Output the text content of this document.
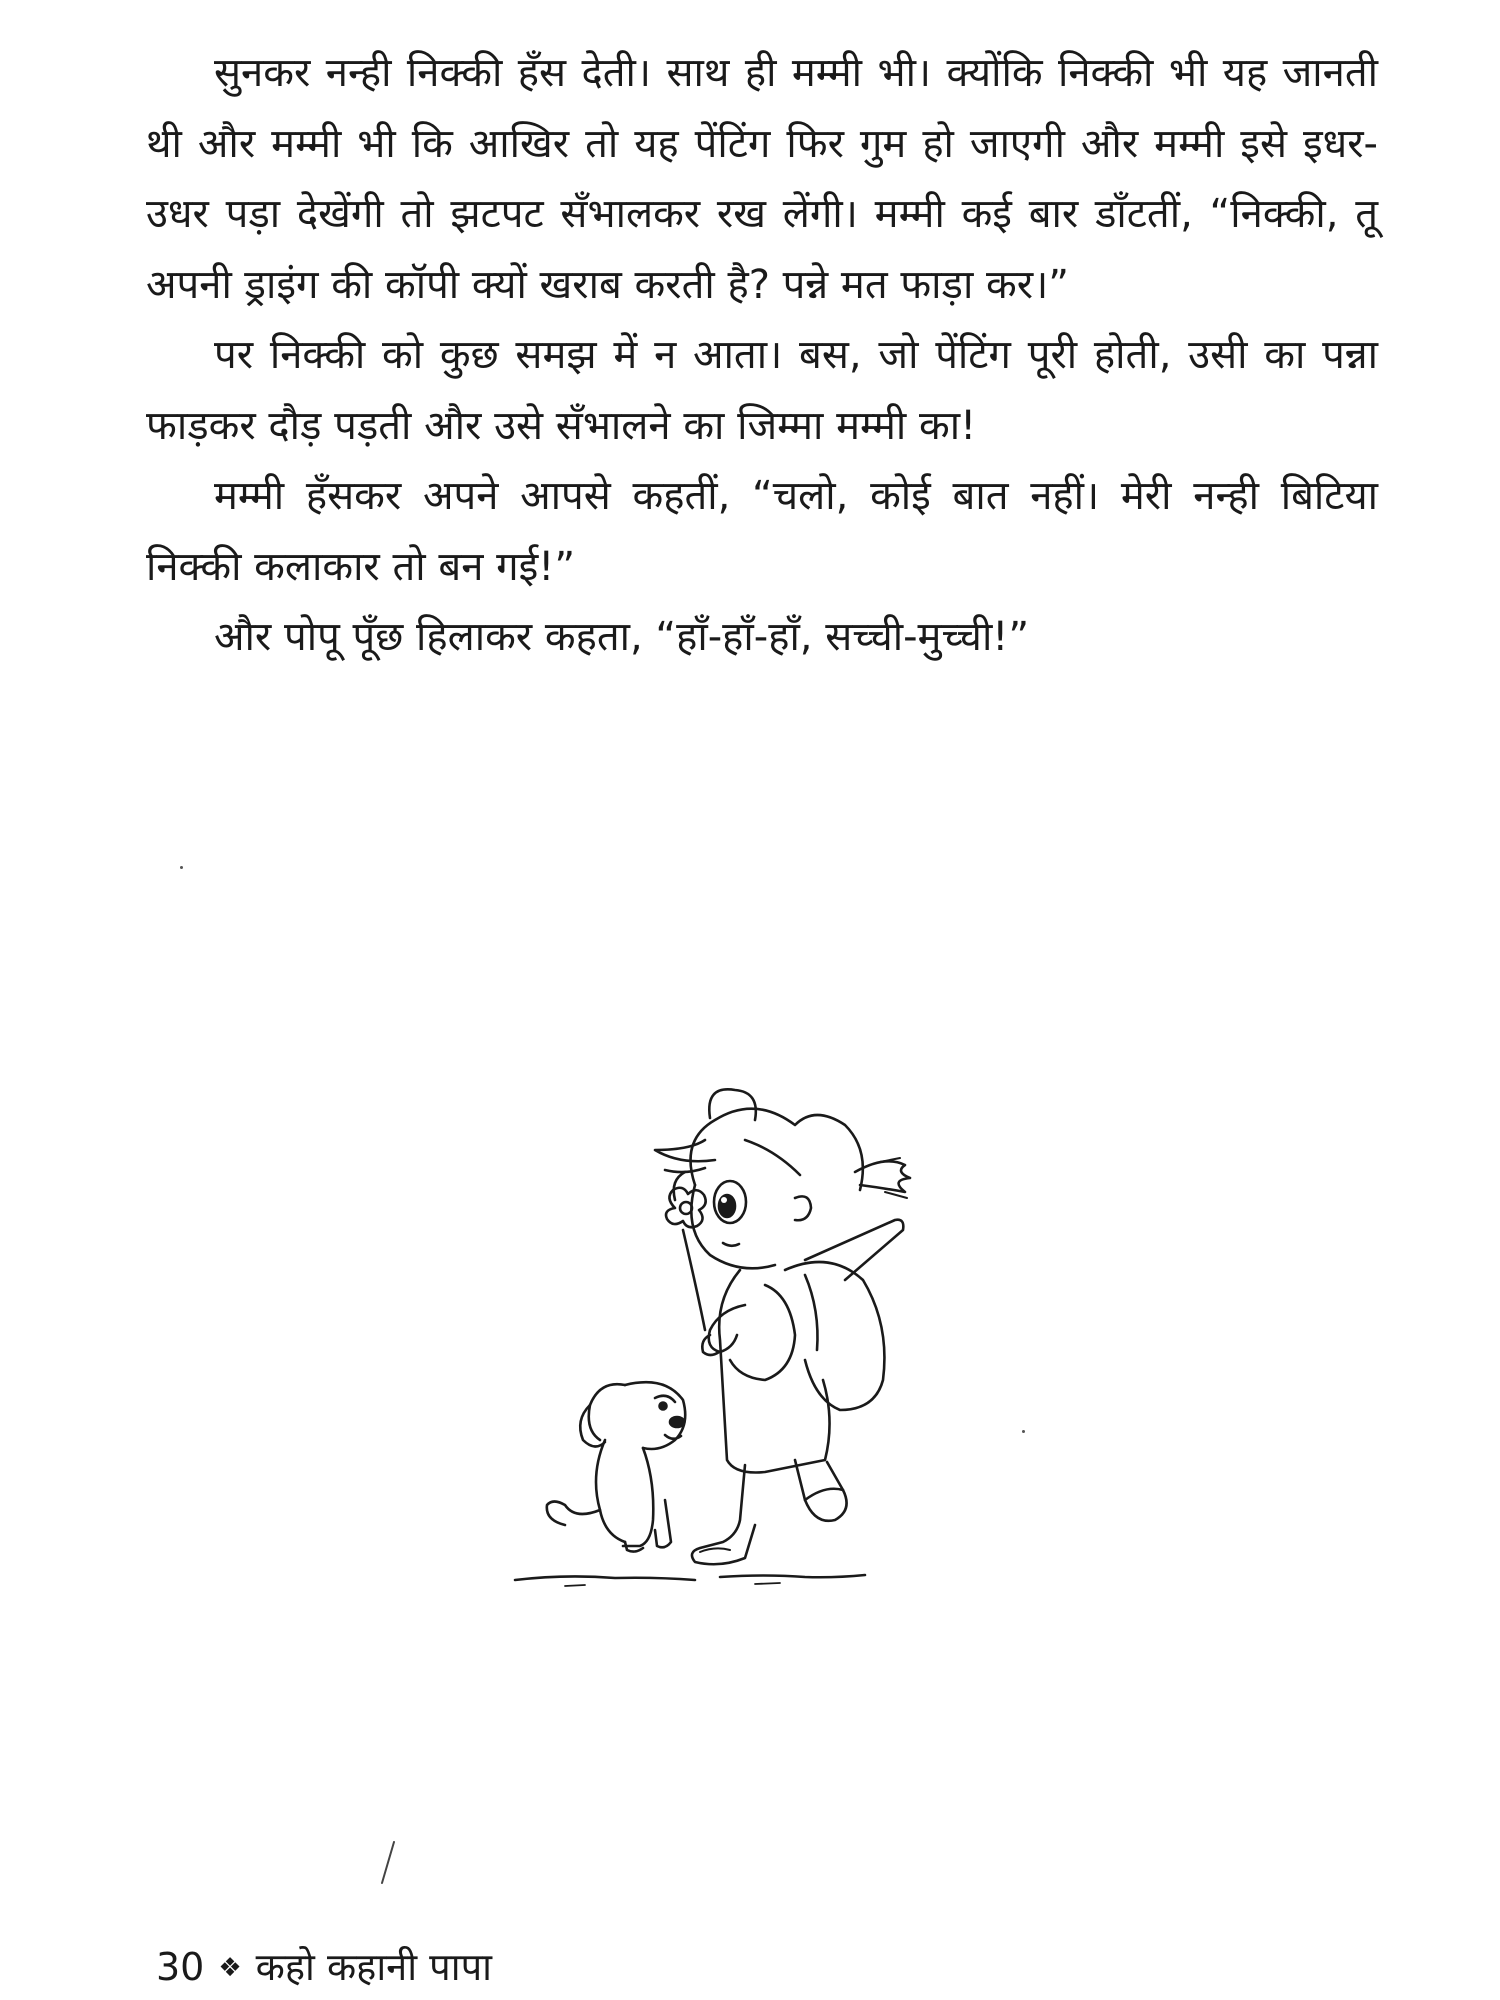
सुनकर नन्ही निक्की हँस देती। साथ ही मम्मी भी। क्योंकि निक्की भी यह जानती थी और मम्मी भी कि आखिर तो यह पेंटिंग फिर गुम हो जाएगी और मम्मी इसे इधर-उधर पड़ा देखेंगी तो झटपट सँभालकर रख लेंगी। मम्मी कई बार डाँटतीं, “निक्की, तू अपनी ड्राइंग की कॉपी क्यों खराब करती है? पन्ने मत फाड़ा कर।”

पर निक्की को कुछ समझ में न आता। बस, जो पेंटिंग पूरी होती, उसी का पन्ना फाड़कर दौड़ पड़ती और उसे सँभालने का जिम्मा मम्मी का!

मम्मी हँसकर अपने आपसे कहतीं, “चलो, कोई बात नहीं। मेरी नन्ही बिटिया निक्की कलाकार तो बन गई!”

और पोपू पूँछ हिलाकर कहता, “हाँ-हाँ-हाँ, सच्ची-मुच्ची!”

30 ❖ कहो कहानी पापा
